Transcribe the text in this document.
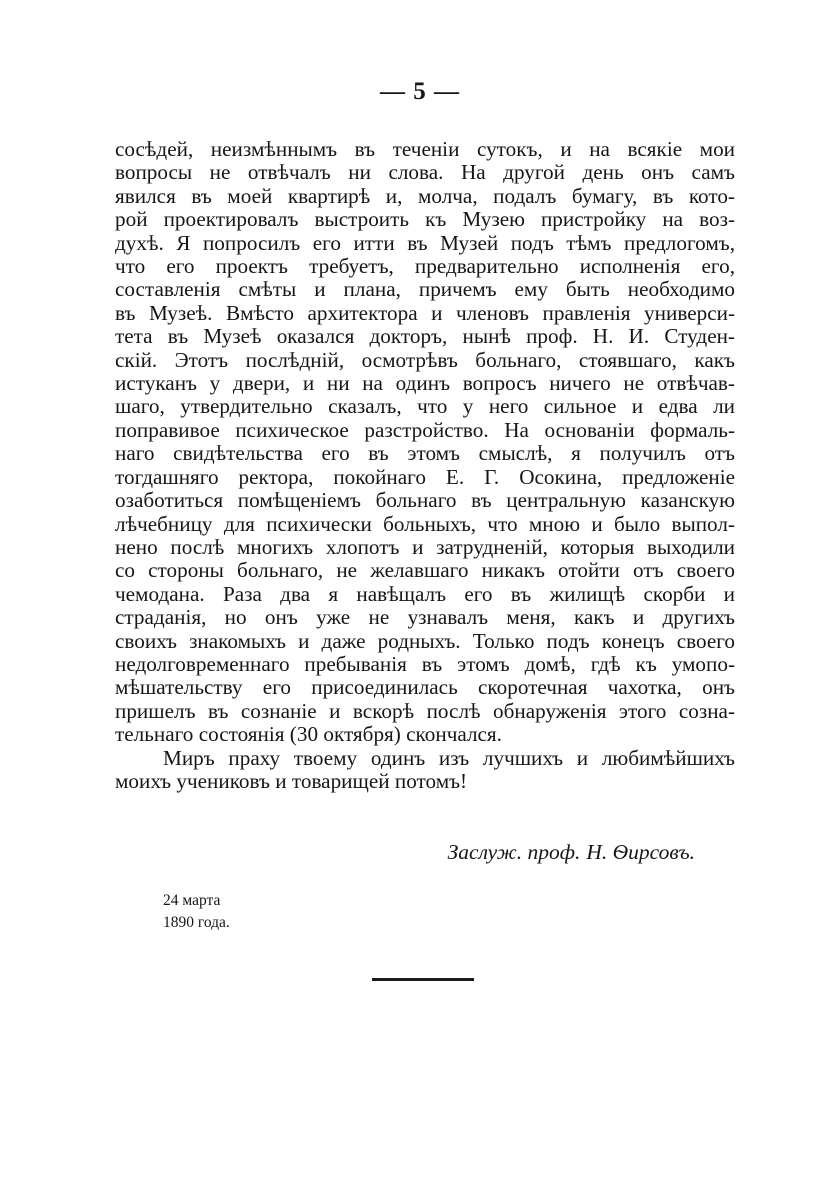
— 5 —
сосѣдей, неизмѣннымъ въ теченіи сутокъ, и на всякіе мои
вопросы не отвѣчалъ ни слова. На другой день онъ самъ
явился въ моей квартирѣ и, молча, подалъ бумагу, въ кото-
рой проектировалъ выстроить къ Музею пристройку на воз-
духѣ. Я попросилъ его итти въ Музей подъ тѣмъ предлогомъ,
что его проектъ требуетъ, предварительно исполненія его,
составленія смѣты и плана, причемъ ему быть необходимо
въ Музеѣ. Вмѣсто архитектора и членовъ правленія универси-
тета въ Музеѣ оказался докторъ, нынѣ проф. Н. И. Студен-
скій. Этотъ послѣдній, осмотрѣвъ больнаго, стоявшаго, какъ
истуканъ у двери, и ни на одинъ вопросъ ничего не отвѣчав-
шаго, утвердительно сказалъ, что у него сильное и едва ли
поправивое психическое разстройство. На основаніи формаль-
наго свидѣтельства его въ этомъ смыслѣ, я получилъ отъ
тогдашняго ректора, покойнаго Е. Г. Осокина, предложеніе
озаботиться помѣщеніемъ больнаго въ центральную казанскую
лѣчебницу для психически больныхъ, что мною и было выпол-
нено послѣ многихъ хлопотъ и затрудненій, которыя выходили
со стороны больнаго, не желавшаго никакъ отойти отъ своего
чемодана. Раза два я навѣщалъ его въ жилищѣ скорби и
страданія, но онъ уже не узнавалъ меня, какъ и другихъ
своихъ знакомыхъ и даже родныхъ. Только подъ конецъ своего
недолговременнаго пребыванія въ этомъ домѣ, гдѣ къ умопо-
мѣшательству его присоединилась скоротечная чахотка, онъ
пришелъ въ сознаніе и вскорѣ послѣ обнаруженія этого созна-
тельнаго состоянія (30 октября) скончался.
Миръ праху твоему одинъ изъ лучшихъ и любимѣйшихъ
моихъ учениковъ и товарищей потомъ!
Заслуж. проф. Н. Ѳирсовъ.
24 марта
1890 года.
